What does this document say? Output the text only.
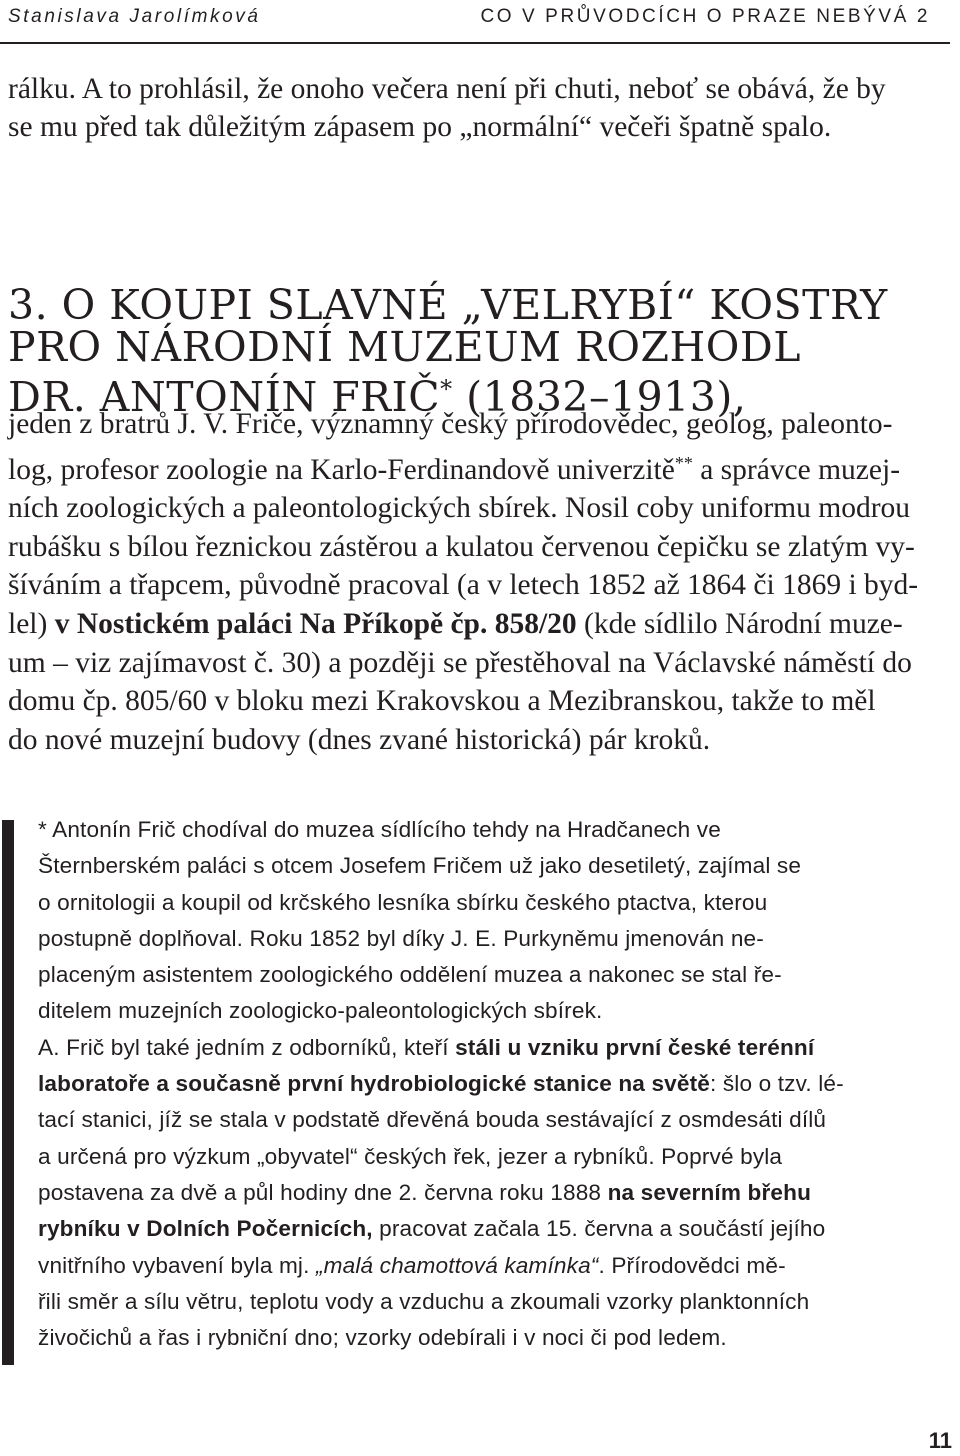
Stanislava Jarolímková	CO V PRŮVODCÍCH O PRAZE NEBÝVÁ 2

rálku. A to prohlásil, že onoho večera není při chuti, neboť se obává, že by

se mu před tak důležitým zápasem po „normální“ večeři špatně spalo.

3. O KOUPI SLAVNÉ „VELRYBÍ“ KOSTRY
PRO NÁRODNÍ MUZEUM ROZHODL
DR. ANTONÍN FRIČ* (1832–1913),
jeden z bratrů J. V. Friče, významný český přírodovědec, geolog, paleonto-
log, profesor zoologie na Karlo-Ferdinandově univerzitě** a správce muzej-
ních zoologických a paleontologických sbírek. Nosil coby uniformu modrou
rubášku s bílou řeznickou zástěrou a kulatou červenou čepičku se zlatým vy-
šíváním a třapcem, původně pracoval (a v letech 1852 až 1864 či 1869 i byd-
lel) v Nostickém paláci Na Příkopě čp. 858/20 (kde sídlilo Národní muze-
um – viz zajímavost č. 30) a později se přestěhoval na Václavské náměstí do
domu čp. 805/60 v bloku mezi Krakovskou a Mezibranskou, takže to měl
do nové muzejní budovy (dnes zvané historická) pár kroků.
* Antonín Frič chodíval do muzea sídlícího tehdy na Hradčanech ve
Šternberském paláci s otcem Josefem Fričem už jako desetiletý, zajímal se
o ornitologii a koupil od krčského lesníka sbírku českého ptactva, kterou
postupně doplňoval. Roku 1852 byl díky J. E. Purkyněmu jmenován ne-
placeným asistentem zoologického oddělení muzea a nakonec se stal ře-
ditelem muzejních zoologicko-paleontologických sbírek.
A. Frič byl také jedním z odborníků, kteří stáli u vzniku první české terénní
laboratoře a současně první hydrobiologické stanice na světě: šlo o tzv. lé-
tací stanici, jíž se stala v podstatě dřevěná bouda sestávající z osmdesáti dílů
a určená pro výzkum „obyvatel“ českých řek, jezer a rybníků. Poprvé byla
postavena za dvě a půl hodiny dne 2. června roku 1888 na severním břehu
rybníku v Dolních Počernicích, pracovat začala 15. června a součástí jejího
vnitřního vybavení byla mj. „malá chamottová kamínka“. Přírodovědci mě-
řili směr a sílu větru, teplotu vody a vzduchu a zkoumali vzorky planktonních
živočichů a řas i rybniční dno; vzorky odebírali i v noci či pod ledem.
11
